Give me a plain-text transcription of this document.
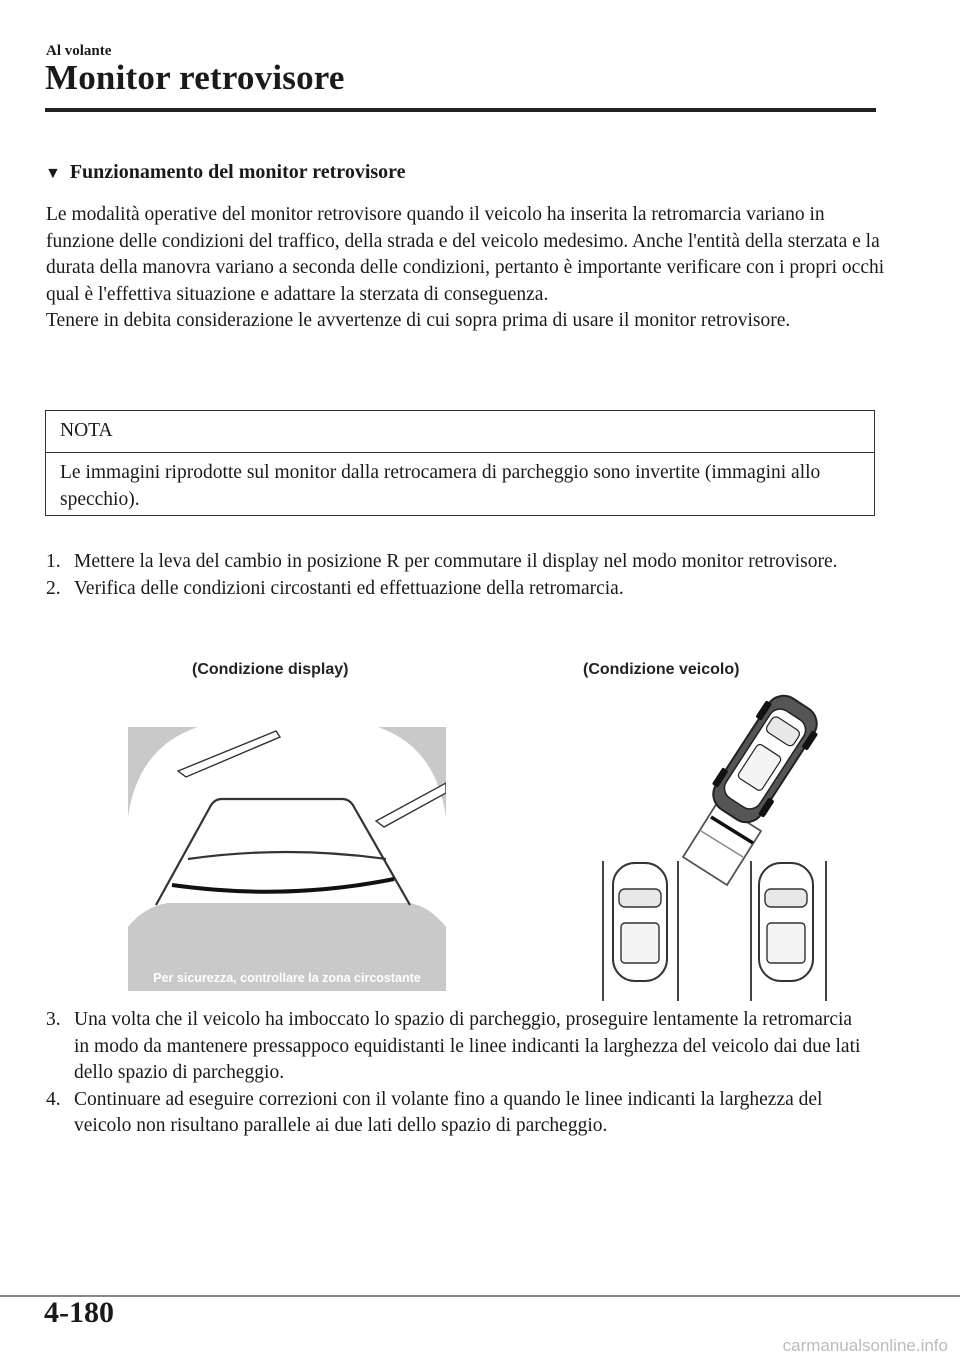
Al volante
Monitor retrovisore
▼ Funzionamento del monitor retrovisore

Le modalità operative del monitor retrovisore quando il veicolo ha inserita la retromarcia variano in funzione delle condizioni del traffico, della strada e del veicolo medesimo. Anche l'entità della sterzata e la durata della manovra variano a seconda delle condizioni, pertanto è importante verificare con i propri occhi qual è l'effettiva situazione e adattare la sterzata di conseguenza.

Tenere in debita considerazione le avvertenze di cui sopra prima di usare il monitor retrovisore.

NOTA
Le immagini riprodotte sul monitor dalla retrocamera di parcheggio sono invertite (immagini allo specchio).
1. Mettere la leva del cambio in posizione R per commutare il display nel modo monitor retrovisore.
2. Verifica delle condizioni circostanti ed effettuazione della retromarcia.
(Condizione display)	(Condizione veicolo)
Per sicurezza, controllare la zona circostante
3. Una volta che il veicolo ha imboccato lo spazio di parcheggio, proseguire lentamente la retromarcia in modo da mantenere pressappoco equidistanti le linee indicanti la larghezza del veicolo dai due lati dello spazio di parcheggio.
4. Continuare ad eseguire correzioni con il volante fino a quando le linee indicanti la larghezza del veicolo non risultano parallele ai due lati dello spazio di parcheggio.
4-180
carmanualsonline.info
